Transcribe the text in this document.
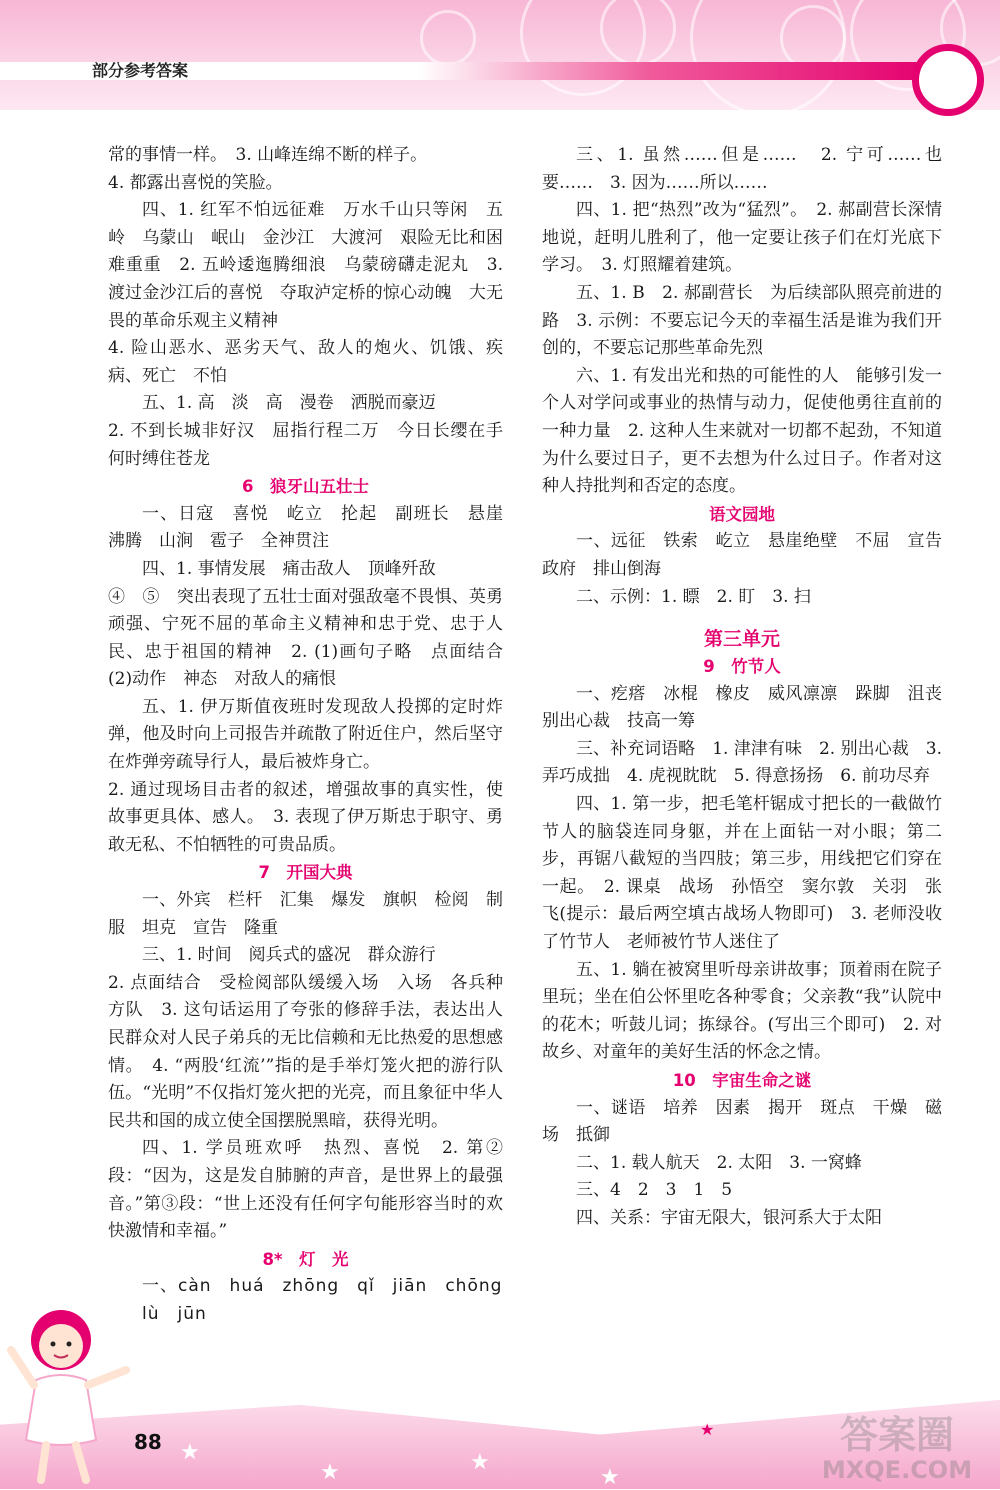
部分参考答案

常的事情一样。　3. 山峰连绵不断的样子。

4. 都露出喜悦的笑脸。

四、1. 红军不怕远征难　万水千山只等闲　五岭　乌蒙山　岷山　金沙江　大渡河　艰险无比和困难重重　2. 五岭逶迤腾细浪　乌蒙磅礴走泥丸　3. 渡过金沙江后的喜悦　夺取泸定桥的惊心动魄　大无畏的革命乐观主义精神

4. 险山恶水、恶劣天气、敌人的炮火、饥饿、疾病、死亡　不怕

五、1. 高　淡　高　漫卷　洒脱而豪迈

2. 不到长城非好汉　屈指行程二万　今日长缨在手　何时缚住苍龙

6　狼牙山五壮士

一、日寇　喜悦　屹立　抡起　副班长　悬崖　沸腾　山涧　雹子　全神贯注

四、1. 事情发展　痛击敌人　顶峰歼敌

④　⑤　突出表现了五壮士面对强敌毫不畏惧、英勇顽强、宁死不屈的革命主义精神和忠于党、忠于人民、忠于祖国的精神　2. (1)画句子略　点面结合　(2)动作　神态　对敌人的痛恨

五、1. 伊万斯值夜班时发现敌人投掷的定时炸弹，他及时向上司报告并疏散了附近住户，然后坚守在炸弹旁疏导行人，最后被炸身亡。

2. 通过现场目击者的叙述，增强故事的真实性，使故事更具体、感人。　3. 表现了伊万斯忠于职守、勇敢无私、不怕牺牲的可贵品质。

7　开国大典

一、外宾　栏杆　汇集　爆发　旗帜　检阅　制服　坦克　宣告　隆重

三、1. 时间　阅兵式的盛况　群众游行

2. 点面结合　受检阅部队缓缓入场　入场　各兵种方队　3. 这句话运用了夸张的修辞手法，表达出人民群众对人民子弟兵的无比信赖和无比热爱的思想感情。　4. “两股‘红流’”指的是手举灯笼火把的游行队伍。“光明”不仅指灯笼火把的光亮，而且象征中华人民共和国的成立使全国摆脱黑暗，获得光明。

四、1. 学员班欢呼　热烈、喜悦　2. 第②段：“因为，这是发自肺腑的声音，是世界上的最强音。”第③段：“世上还没有任何字句能形容当时的欢快激情和幸福。”

8*　灯　光

一、càn　huá　zhōng　qǐ　jiān　chōng

lù　jūn

三、1. 虽然……但是……　2. 宁可……也要……　3. 因为……所以……

四、1. 把“热烈”改为“猛烈”。　2. 郝副营长深情地说，赶明儿胜利了，他一定要让孩子们在灯光底下学习。　3. 灯照耀着建筑。

五、1. B　2. 郝副营长　为后续部队照亮前进的路　3. 示例：不要忘记今天的幸福生活是谁为我们开创的，不要忘记那些革命先烈

六、1. 有发出光和热的可能性的人　能够引发一个人对学问或事业的热情与动力，促使他勇往直前的一种力量　2. 这种人生来就对一切都不起劲，不知道为什么要过日子，更不去想为什么过日子。作者对这种人持批判和否定的态度。

语文园地

一、远征　铁索　屹立　悬崖绝壁　不屈　宣告　政府　排山倒海

二、示例：1. 瞟　2. 盯　3. 扫

第三单元
9　竹节人

一、疙瘩　冰棍　橡皮　威风凛凛　跺脚　沮丧　别出心裁　技高一筹

三、补充词语略　1. 津津有味　2. 别出心裁　3. 弄巧成拙　4. 虎视眈眈　5. 得意扬扬　6. 前功尽弃

四、1. 第一步，把毛笔杆锯成寸把长的一截做竹节人的脑袋连同身躯，并在上面钻一对小眼；第二步，再锯八截短的当四肢；第三步，用线把它们穿在一起。　2. 课桌　战场　孙悟空　窦尔敦　关羽　张飞(提示：最后两空填古战场人物即可)　3. 老师没收了竹节人　老师被竹节人迷住了

五、1. 躺在被窝里听母亲讲故事；顶着雨在院子里玩；坐在伯公怀里吃各种零食；父亲教“我”认院中的花木；听鼓儿词；拣绿谷。(写出三个即可)　2. 对故乡、对童年的美好生活的怀念之情。

10　宇宙生命之谜

一、谜语　培养　因素　揭开　斑点　干燥　磁场　抵御

二、1. 载人航天　2. 太阳　3. 一窝蜂

三、4　2　3　1　5

四、关系：宇宙无限大，银河系大于太阳

★
★	★
★
★
88	答案圈
MXQE.COM
